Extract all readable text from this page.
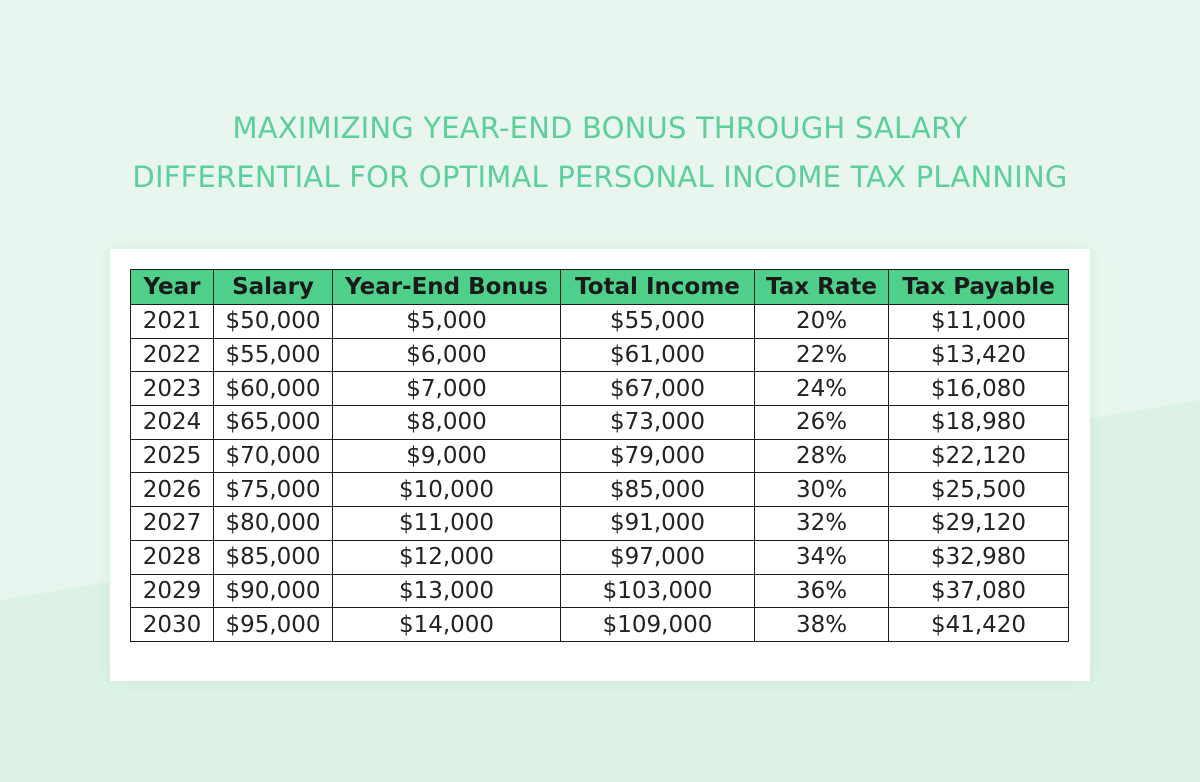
MAXIMIZING YEAR-END BONUS THROUGH SALARY
DIFFERENTIAL FOR OPTIMAL PERSONAL INCOME TAX PLANNING
Year	Salary	Year-End Bonus	Total Income	Tax Rate	Tax Payable
2021	$50,000	$5,000	$55,000	20%	$11,000
2022	$55,000	$6,000	$61,000	22%	$13,420
2023	$60,000	$7,000	$67,000	24%	$16,080
2024	$65,000	$8,000	$73,000	26%	$18,980
2025	$70,000	$9,000	$79,000	28%	$22,120
2026	$75,000	$10,000	$85,000	30%	$25,500
2027	$80,000	$11,000	$91,000	32%	$29,120
2028	$85,000	$12,000	$97,000	34%	$32,980
2029	$90,000	$13,000	$103,000	36%	$37,080
2030	$95,000	$14,000	$109,000	38%	$41,420
